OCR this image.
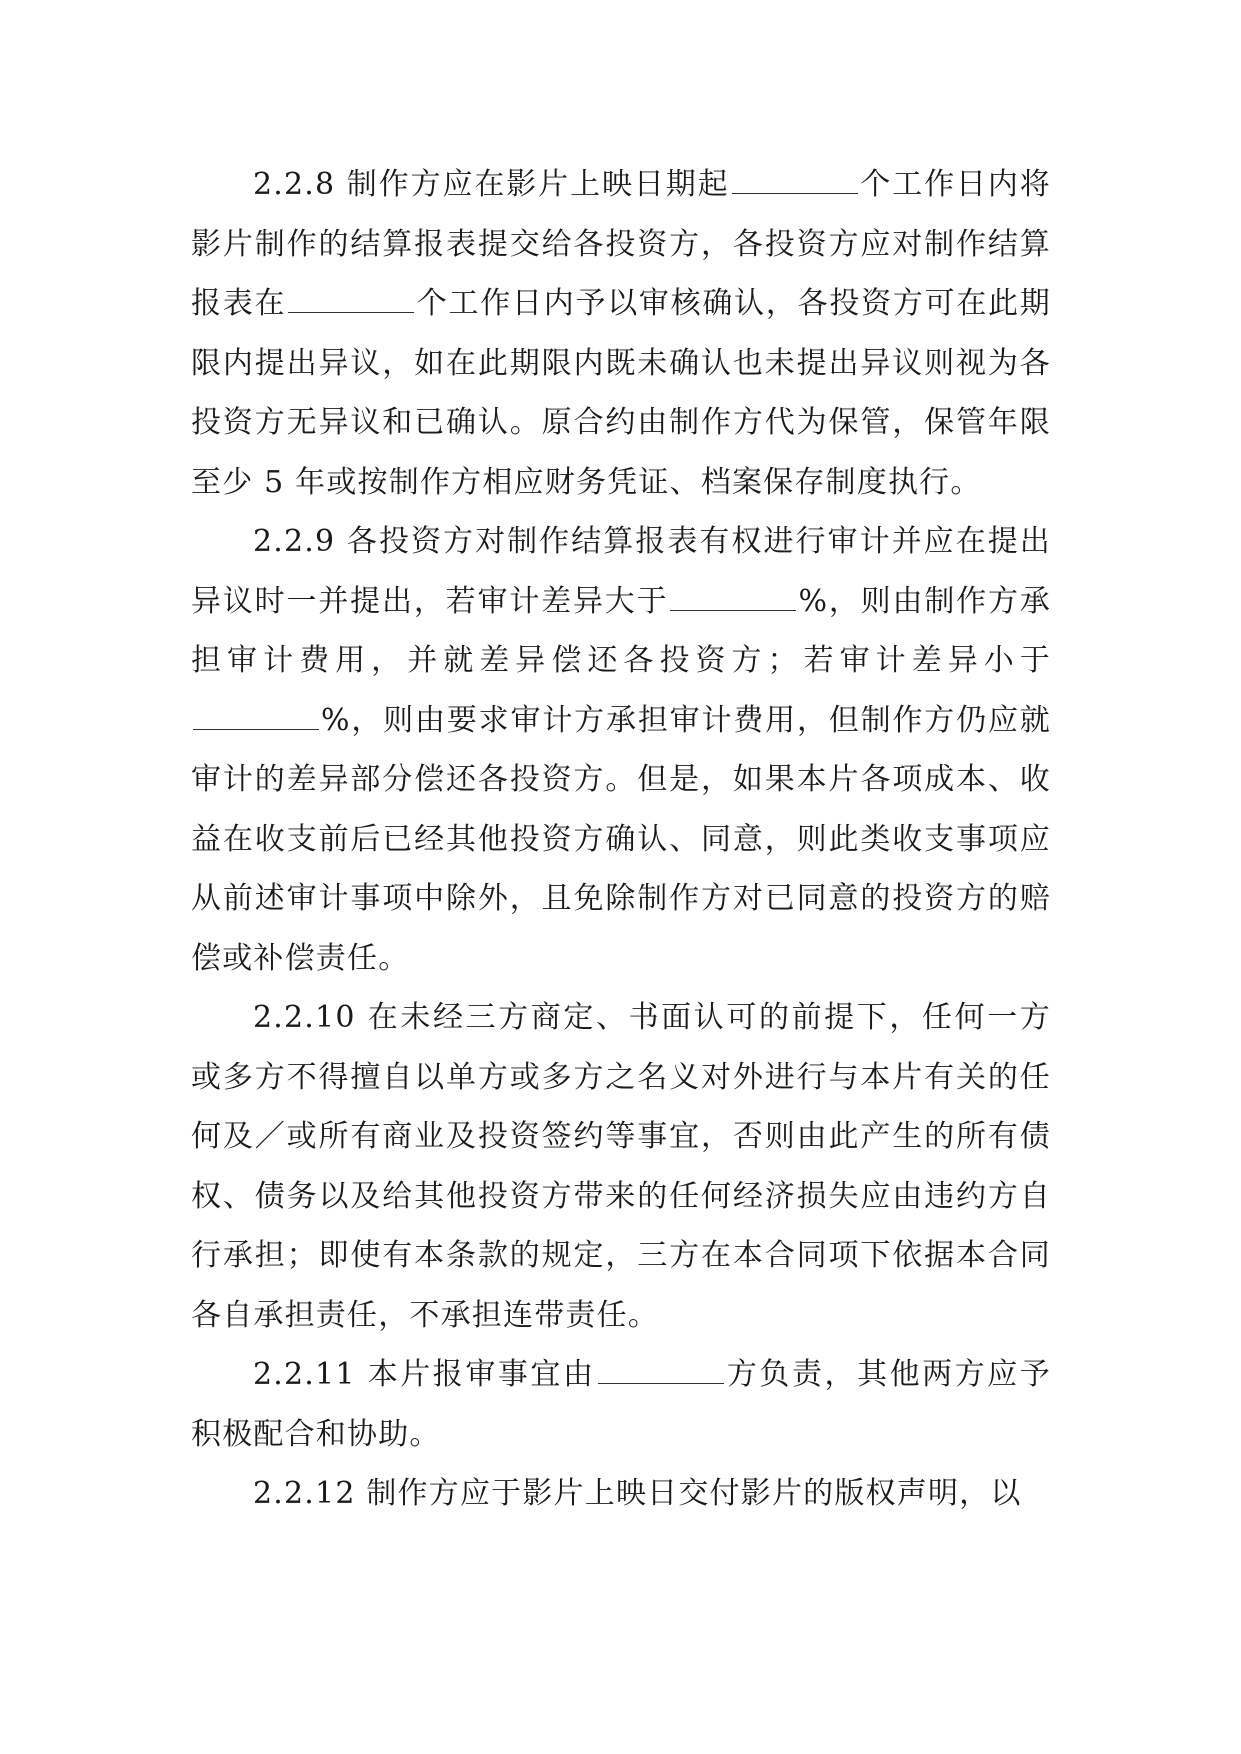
2.2.8 制作方应在影片上映日期起	个工作日内将影片制作的结算报表提交给各投资方，各投资方应对制作结算报表在	个工作日内予以审核确认，各投资方可在此期限内提出异议，如在此期限内既未确认也未提出异议则视为各投资方无异议和已确认。原合约由制作方代为保管，保管年限至少 5 年或按制作方相应财务凭证、档案保存制度执行。

2.2.9 各投资方对制作结算报表有权进行审计并应在提出异议时一并提出，若审计差异大于	%，则由制作方承担审计费用，并就差异偿还各投资方；若审计差异小于%，则由要求审计方承担审计费用，但制作方仍应就审计的差异部分偿还各投资方。但是，如果本片各项成本、收益在收支前后已经其他投资方确认、同意，则此类收支事项应从前述审计事项中除外，且免除制作方对已同意的投资方的赔偿或补偿责任。

2.2.10 在未经三方商定、书面认可的前提下，任何一方或多方不得擅自以单方或多方之名义对外进行与本片有关的任何及／或所有商业及投资签约等事宜，否则由此产生的所有债权、债务以及给其他投资方带来的任何经济损失应由违约方自行承担；即使有本条款的规定，三方在本合同项下依据本合同各自承担责任，不承担连带责任。

2.2.11 本片报审事宜由	方负责，其他两方应予积极配合和协助。

2.2.12 制作方应于影片上映日交付影片的版权声明，以
